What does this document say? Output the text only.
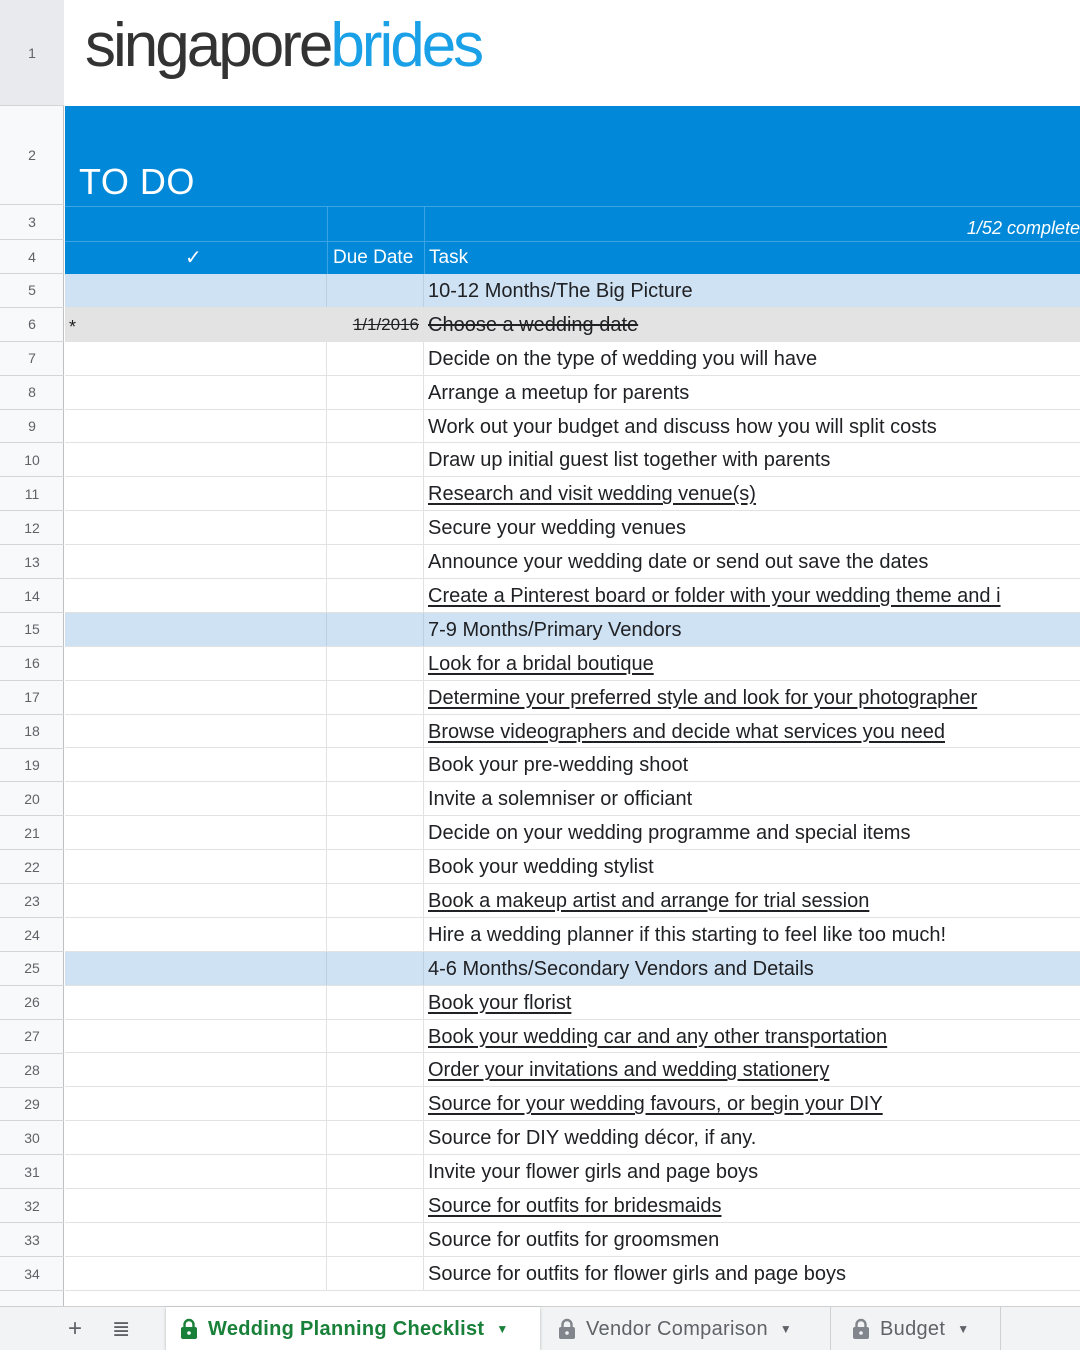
1
2
3
4
5
6
7
8
9
10
11
12
13
14
15
16
17
18
19
20
21
22
23
24
25
26
27
28
29
30
31
32
33
34
singaporebrides
TO DO
1/52 complete
✓	Due Date Task
10-12 Months/The Big Picture
*	1/1/2016 Choose a wedding date
Decide on the type of wedding you will have
Arrange a meetup for parents
Work out your budget and discuss how you will split costs
Draw up initial guest list together with parents
Research and visit wedding venue(s)
Secure your wedding venues
Announce your wedding date or send out save the dates
Create a Pinterest board or folder with your wedding theme and i
7-9 Months/Primary Vendors
Look for a bridal boutique
Determine your preferred style and look for your photographer
Browse videographers and decide what services you need
Book your pre-wedding shoot
Invite a solemniser or officiant
Decide on your wedding programme and special items
Book your wedding stylist
Book a makeup artist and arrange for trial session
Hire a wedding planner if this starting to feel like too much!
4-6 Months/Secondary Vendors and Details
Book your florist
Book your wedding car and any other transportation
Order your invitations and wedding stationery
Source for your wedding favours, or begin your DIY
Source for DIY wedding décor, if any.
Invite your flower girls and page boys
Source for outfits for bridesmaids
Source for outfits for groomsmen
Source for outfits for flower girls and page boys
+ ≣	Wedding Planning Checklist ▼	Vendor Comparison ▼	Budget ▼
